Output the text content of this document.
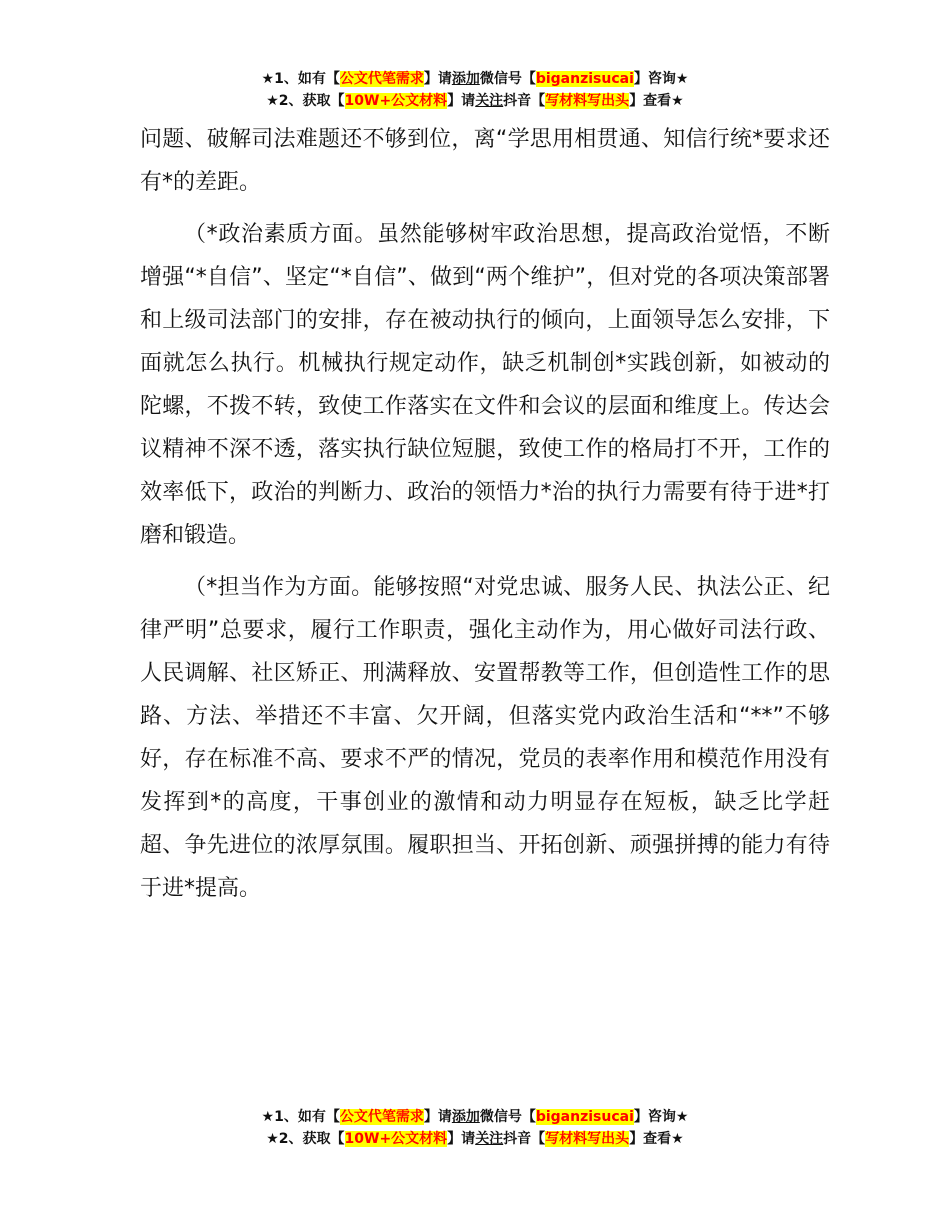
★1、如有【公文代笔需求】请添加微信号【biganzisucai】咨询★
★2、获取【10W+公文材料】请关注抖音【写材料写出头】查看★

问题、破解司法难题还不够到位，离“学思用相贯通、知信行统*要求还有*的差距。

（*政治素质方面。虽然能够树牢政治思想，提高政治觉悟，不断增强“*自信”、坚定“*自信”、做到“两个维护”，但对党的各项决策部署和上级司法部门的安排，存在被动执行的倾向，上面领导怎么安排，下面就怎么执行。机械执行规定动作，缺乏机制创*实践创新，如被动的陀螺，不拨不转，致使工作落实在文件和会议的层面和维度上。传达会议精神不深不透，落实执行缺位短腿，致使工作的格局打不开，工作的效率低下，政治的判断力、政治的领悟力*治的执行力需要有待于进*打磨和锻造。

（*担当作为方面。能够按照“对党忠诚、服务人民、执法公正、纪律严明”总要求，履行工作职责，强化主动作为，用心做好司法行政、人民调解、社区矫正、刑满释放、安置帮教等工作，但创造性工作的思路、方法、举措还不丰富、欠开阔，但落实党内政治生活和“**”不够好，存在标准不高、要求不严的情况，党员的表率作用和模范作用没有发挥到*的高度，干事创业的激情和动力明显存在短板，缺乏比学赶超、争先进位的浓厚氛围。履职担当、开拓创新、顽强拼搏的能力有待于进*提高。

★1、如有【公文代笔需求】请添加微信号【biganzisucai】咨询★
★2、获取【10W+公文材料】请关注抖音【写材料写出头】查看★
